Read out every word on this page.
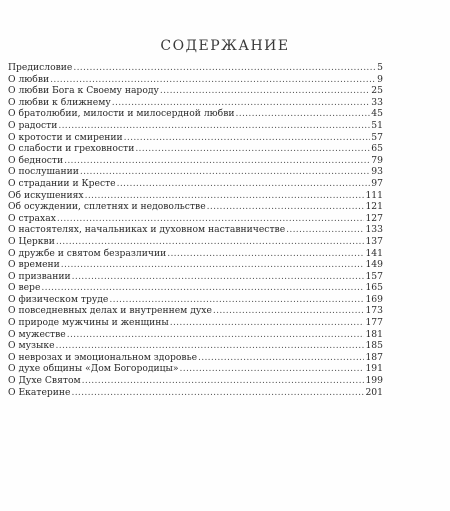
СОДЕРЖАНИЕ
Предисловие .....	5
О любви .....	9
О любви Бога к Своему народу .....	25
О любви к ближнему .....	33
О братолюбии, милости и милосердной любви .....	45
О радости .....	51
О кротости и смирении .....	57
О слабости и греховности .....	65
О бедности .....	79
О послушании .....	93
О страдании и Кресте .....	97
Об искушениях .....	111
Об осуждении, сплетнях и недовольстве .....	121
О страхах .....	127
О настоятелях, начальниках и духовном наставничестве .....	133
О Церкви .....	137
О дружбе и святом безразличии .....	141
О времени .....	149
О призвании .....	157
О вере .....	165
О физическом труде .....	169
О повседневных делах и внутреннем духе .....	173
О природе мужчины и женщины .....	177
О мужестве .....	181
О музыке .....	185
О неврозах и эмоциональном здоровье .....	187
О духе общины «Дом Богородицы» .....	191
О Духе Святом .....	199
О Екатерине .....	201
